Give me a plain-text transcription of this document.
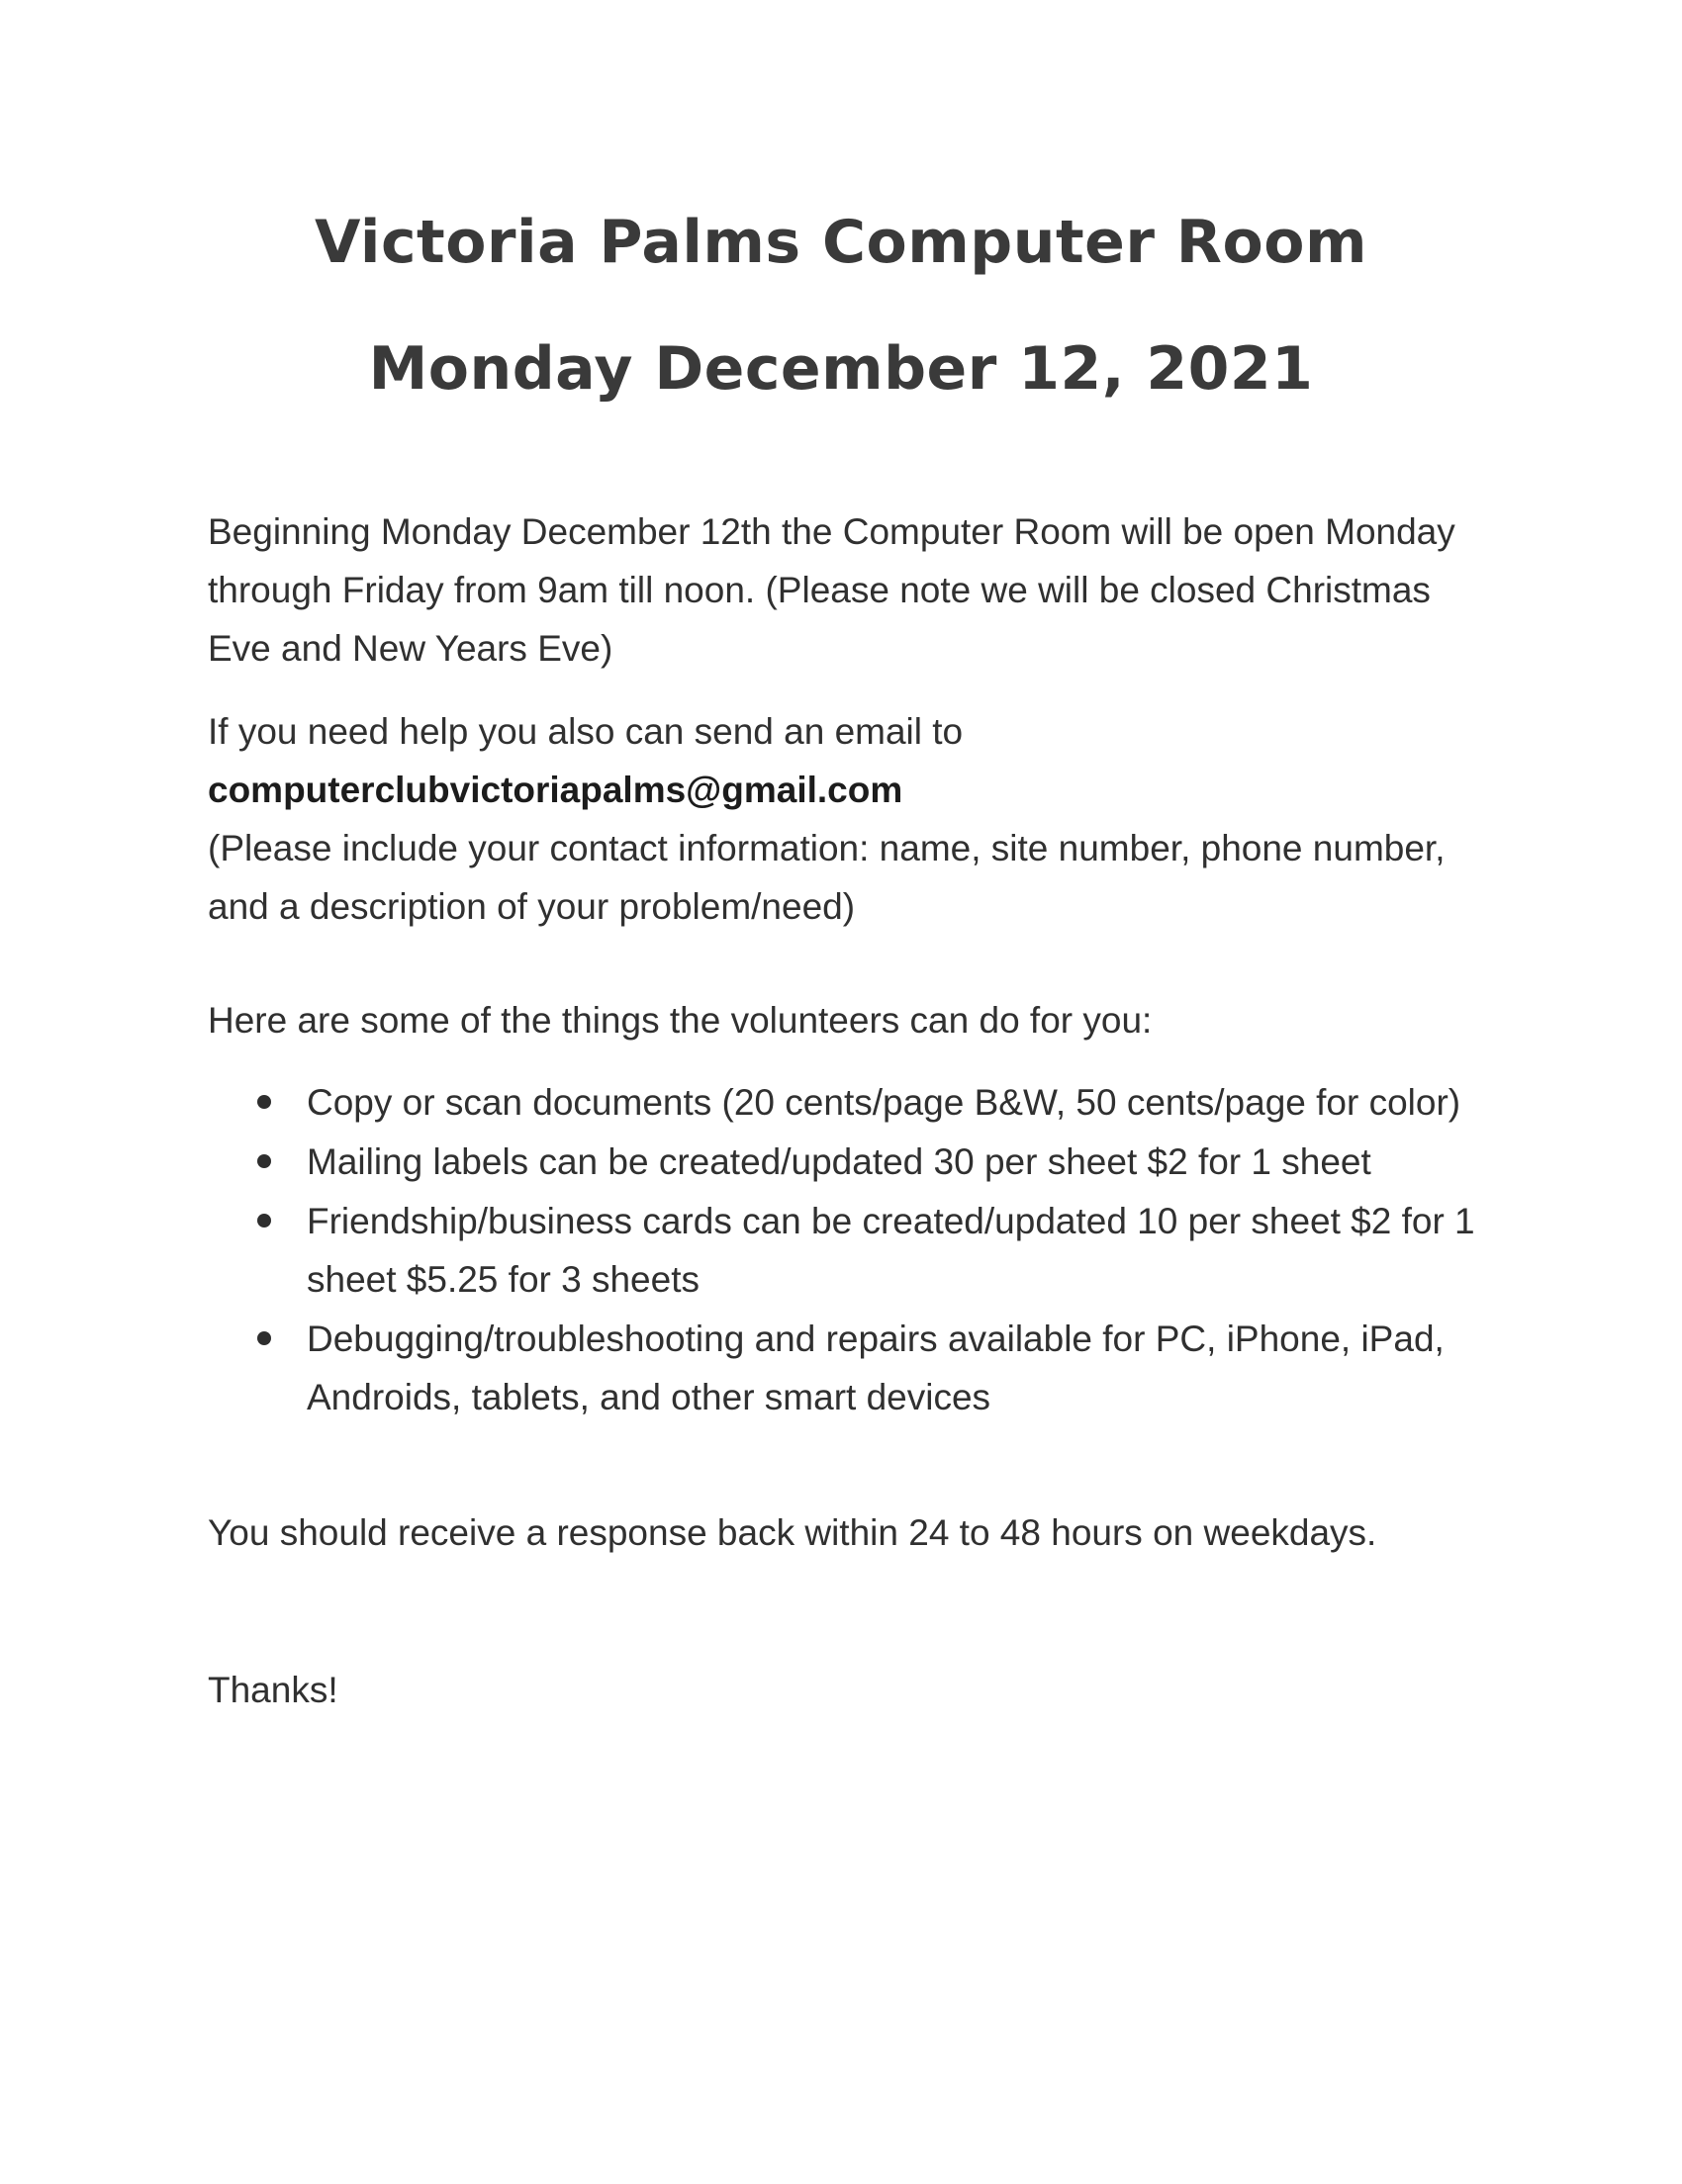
Victoria Palms Computer Room
Monday December 12, 2021

Beginning Monday December 12th the Computer Room will be open Monday through Friday from 9am till noon. (Please note we will be closed Christmas Eve and New Years Eve)

If you need help you also can send an email to
computerclubvictoriapalms@gmail.com
(Please include your contact information: name, site number, phone number, and a description of your problem/need)

Here are some of the things the volunteers can do for you:

Copy or scan documents (20 cents/page B&W, 50 cents/page for color)
Mailing labels can be created/updated 30 per sheet $2 for 1 sheet
Friendship/business cards can be created/updated 10 per sheet $2 for 1 sheet $5.25 for 3 sheets
Debugging/troubleshooting and repairs available for PC, iPhone, iPad, Androids, tablets, and other smart devices

You should receive a response back within 24 to 48 hours on weekdays.

Thanks!
